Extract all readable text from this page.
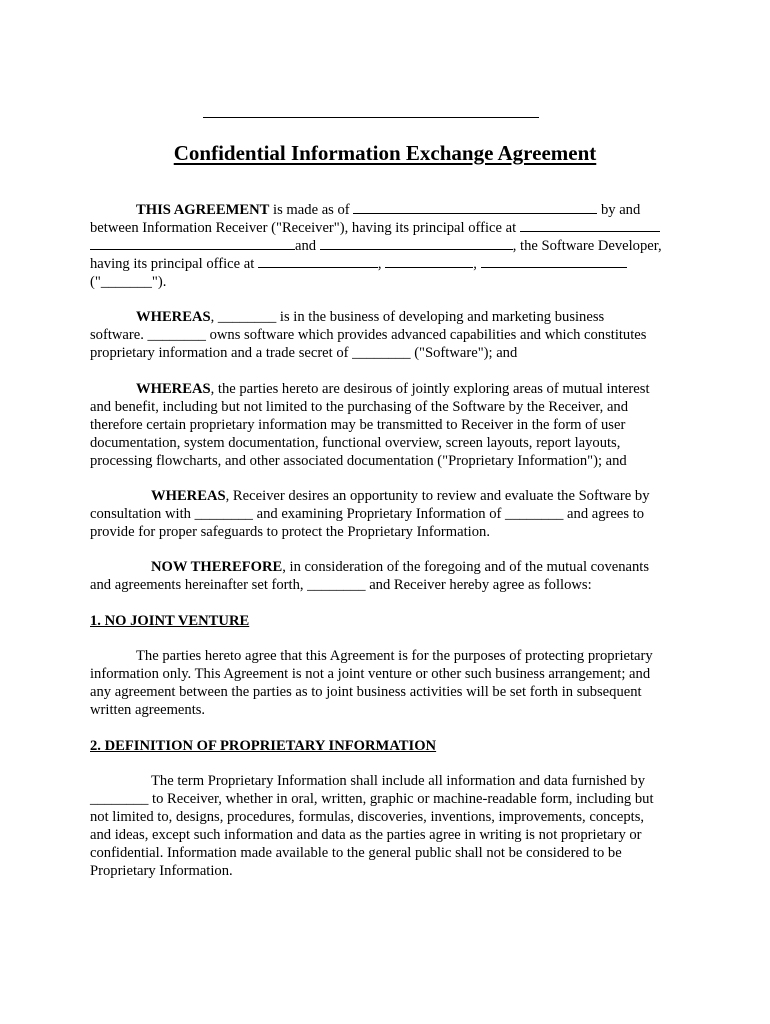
Confidential Information Exchange Agreement
THIS AGREEMENT is made as of	by and
between Information Receiver ("Receiver"), having its principal office at
and	, the Software Developer,
having its principal office at	,	,
("_______").
WHEREAS, ________ is in the business of developing and marketing business
software. ________ owns software which provides advanced capabilities and which constitutes
proprietary information and a trade secret of ________ ("Software"); and
WHEREAS, the parties hereto are desirous of jointly exploring areas of mutual interest
and benefit, including but not limited to the purchasing of the Software by the Receiver, and
therefore certain proprietary information may be transmitted to Receiver in the form of user
documentation, system documentation, functional overview, screen layouts, report layouts,
processing flowcharts, and other associated documentation ("Proprietary Information"); and
WHEREAS, Receiver desires an opportunity to review and evaluate the Software by
consultation with ________ and examining Proprietary Information of ________ and agrees to
provide for proper safeguards to protect the Proprietary Information.
NOW THEREFORE, in consideration of the foregoing and of the mutual covenants
and agreements hereinafter set forth, ________ and Receiver hereby agree as follows:
1. NO JOINT VENTURE
The parties hereto agree that this Agreement is for the purposes of protecting proprietary
information only. This Agreement is not a joint venture or other such business arrangement; and
any agreement between the parties as to joint business activities will be set forth in subsequent
written agreements.
2. DEFINITION OF PROPRIETARY INFORMATION
The term Proprietary Information shall include all information and data furnished by
________ to Receiver, whether in oral, written, graphic or machine-readable form, including but
not limited to, designs, procedures, formulas, discoveries, inventions, improvements, concepts,
and ideas, except such information and data as the parties agree in writing is not proprietary or
confidential. Information made available to the general public shall not be considered to be
Proprietary Information.
